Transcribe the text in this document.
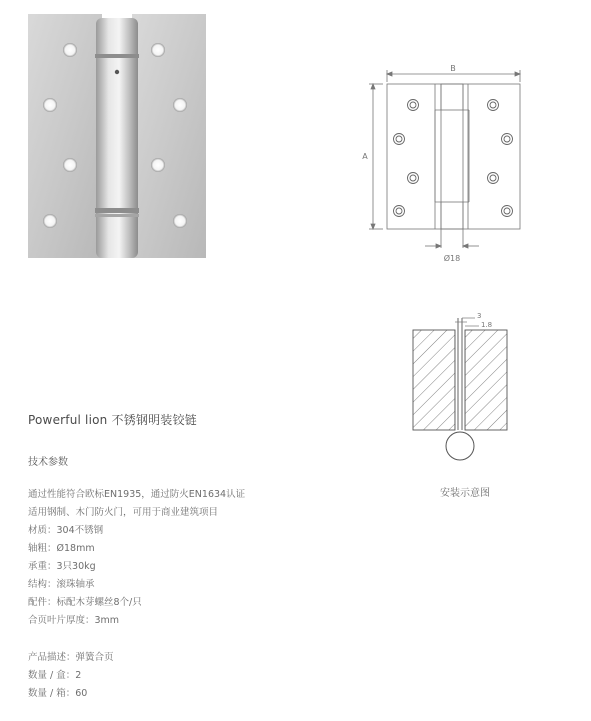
B
A
Ø18
3
1.8
安装示意图
Powerful lion 不锈钢明装铰链
技术参数
通过性能符合欧标EN1935，通过防火EN1634认证
适用钢制、木门防火门，可用于商业建筑项目
材质：304不锈钢
轴粗：Ø18mm
承重：3只30kg
结构：滚珠轴承
配件：标配木芽螺丝8个/只
合页叶片厚度：3mm
产品描述：弹簧合页
数量 / 盒：2
数量 / 箱：60
